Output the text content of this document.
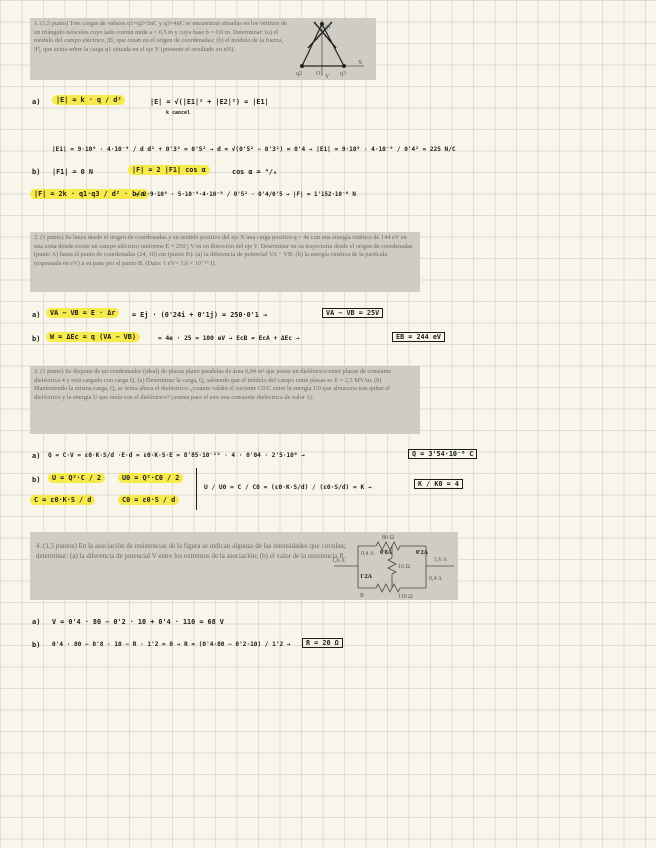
1. (1,5 punto) Tres cargas de valores q1=q2=5nC y q3=4nC se encuentran situadas en los vértices de un triángulo isósceles cuyo lado común mide a = 0,5 m y cuya base b = 0,6 m. Determinar: (a) el módulo del campo eléctrico, |E|, que crean en el origen de coordenadas; (b) el módulo de la fuerza, |F|, que actúa sobre la carga q1 situada en el eje Y (presente el resultado en nN).
q1
q2	q3
O
X
Y
a)	|E| = k · q / d²	|E| = √(|E1|² + |E2|²) = |E1|
k cancel
|E1| = 9·10⁹ · 4·10⁻⁹ / d d² + 0'3² = 0'5² → d = √(0'5² − 0'3²) = 0'4 → |E1| = 9·10⁹ · 4·10⁻⁹ / 0'4² = 225 N/C
b) |F1| = 0 N	|F| = 2 |F1| cos α	cos α = ⁴/₅
|F| = 2k · q1·q3 / d² · b/a
= 2·9·10⁹ · 5·10⁻⁹·4·10⁻⁹ / 0'5² · 0'4/0'5 → |F| = 1'152·10⁻⁶ N
2. (1 punto) Se lanza desde el origen de coordenadas y en sentido positivo del eje X una carga positiva q = 4e con una energía cinética de 144 eV en una zona donde existe un campo eléctrico uniforme E = 250 j V/m en dirección del eje Y. Determinar en su trayectoria desde el origen de coordenadas (punto A) hasta el punto de coordenadas (24, 10) cm (punto B): (a) la diferencia de potencial VA − VB; (b) la energía cinética de la partícula (expresada en eV) a su paso por el punto B. (Dato: 1 eV= 1,6 × 10⁻¹⁹ J).
a)	VA − VB = E · Δr	= Ej · (0'24i + 0'1j) = 250·0'1 →	VA − VB = 25V
b)	W = ΔEc = q (VA − VB)	= 4e · 25 = 100 eV → EcB = EcA + ΔEc →	EB = 244 eV
3. (1 punto) Se dispone de un condensador (ideal) de placas plano paralelas de área 0,04 m² que posee un dieléctrico entre placas de constante dieléctrica 4 y está cargado con carga Q. (a) Determinar la carga, Q, sabiendo que el módulo del campo entre placas es E = 2,5 MV/m. (b) Manteniendo la misma carga, Q, se retira ahora el dieléctrico: ¿cuánto valdrá el cociente C0/C entre la energía U0 que almacena tras quitar el dieléctrico y la energía U que tenía con el dieléctrico? (asuma para el aire una constante dieléctrica de valor 1).
a) Q = C·V = ε0·K·S/d ·E·d = ε0·K·S·E = 8'85·10⁻¹² · 4 · 0'04 · 2'5·10⁶ →	Q = 3'54·10⁻⁶ C
b)	U = Q²·C / 2	U0 = Q²·C0 / 2
C = ε0·K·S / d	C0 = ε0·S / d
U / U0 = C / C0 = (ε0·K·S/d) / (ε0·S/d) = K →	K / K0 = 4
4. (1,5 puntos) En la asociación de resistencias de la figura se indican algunas de las intensidades que circulan; determinar: (a) la diferencia de potencial V entre los extremos de la asociación; (b) el valor de la resistencia R.
80 Ω
1,6 A
0,4 A
10 Ω
0,4 A
1,6 A
R	110 Ω
0'8A	0'2A
1'2A
a) V = 0'4 · 80 − 0'2 · 10 + 0'4 · 110 = 68 V
b) 0'4 · 80 − 0'8 · 10 − R · 1'2 = 0 → R = (0'4·80 − 0'2·10) / 1'2 →	R = 20 Ω
